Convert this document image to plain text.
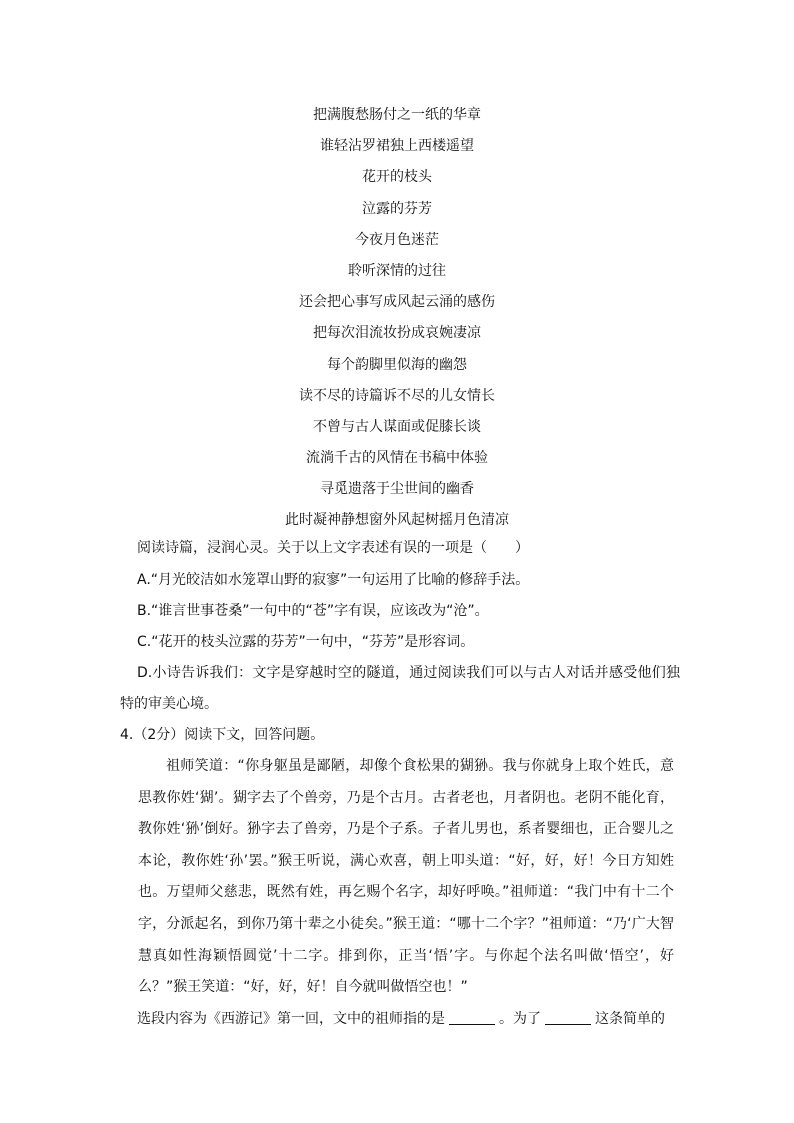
把满腹愁肠付之一纸的华章
谁轻沾罗裙独上西楼遥望
花开的枝头
泣露的芬芳
今夜月色迷茫
聆听深情的过往
还会把心事写成风起云涌的感伤
把每次泪流妆扮成哀婉凄凉
每个韵脚里似海的幽怨
读不尽的诗篇诉不尽的儿女情长
不曾与古人谋面或促膝长谈
流淌千古的风情在书稿中体验
寻觅遗落于尘世间的幽香
此时凝神静想窗外风起树摇月色清凉

阅读诗篇，浸润心灵。关于以上文字表述有误的一项是（　　）

A.“月光皎洁如水笼罩山野的寂寥”一句运用了比喻的修辞手法。

B.“谁言世事苍桑”一句中的“苍”字有误，应该改为“沧”。

C.“花开的枝头泣露的芬芳”一句中，“芬芳”是形容词。

D.小诗告诉我们：文字是穿越时空的隧道，通过阅读我们可以与古人对话并感受他们独特的审美心境。

4.（2分）阅读下文，回答问题。

祖师笑道：“你身躯虽是鄙陋，却像个食松果的猢狲。我与你就身上取个姓氏，意思教你姓‘猢’。猢字去了个兽旁，乃是个古月。古者老也，月者阴也。老阴不能化育，教你姓‘狲’倒好。狲字去了兽旁，乃是个子系。子者儿男也，系者婴细也，正合婴儿之本论，教你姓‘孙’罢。”猴王听说，满心欢喜，朝上叩头道：“好，好，好！今日方知姓也。万望师父慈悲，既然有姓，再乞赐个名字，却好呼唤。”祖师道：“我门中有十二个字，分派起名，到你乃第十辈之小徒矣。”猴王道：“哪十二个字？”祖师道：“乃‘广大智慧真如性海颖悟圆觉’十二字。排到你，正当‘悟’字。与你起个法名叫做‘悟空’，好么？”猴王笑道：“好，好，好！自今就叫做悟空也！”

选段内容为《西游记》第一回，文中的祖师指的是	。为了	这条简单的
